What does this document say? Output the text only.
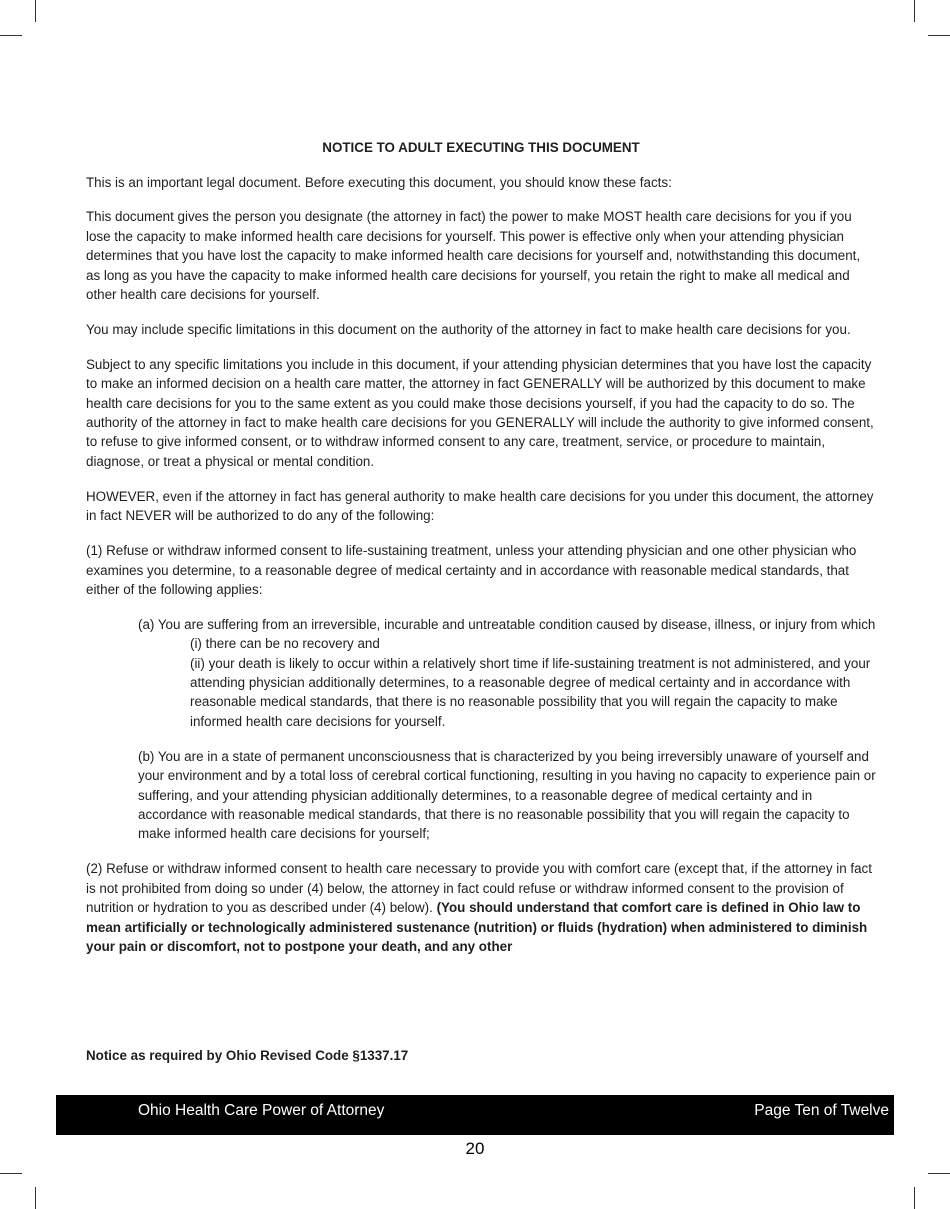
NOTICE TO ADULT EXECUTING THIS DOCUMENT

This is an important legal document. Before executing this document, you should know these facts:

This document gives the person you designate (the attorney in fact) the power to make MOST health care decisions for you if you lose the capacity to make informed health care decisions for yourself. This power is effective only when your attending physician determines that you have lost the capacity to make informed health care decisions for yourself and, notwithstanding this document, as long as you have the capacity to make informed health care decisions for yourself, you retain the right to make all medical and other health care decisions for yourself.

You may include specific limitations in this document on the authority of the attorney in fact to make health care decisions for you.

Subject to any specific limitations you include in this document, if your attending physician determines that you have lost the capacity to make an informed decision on a health care matter, the attorney in fact GENERALLY will be authorized by this document to make health care decisions for you to the same extent as you could make those decisions yourself, if you had the capacity to do so. The authority of the attorney in fact to make health care decisions for you GENERALLY will include the authority to give informed consent, to refuse to give informed consent, or to withdraw informed consent to any care, treatment, service, or procedure to maintain, diagnose, or treat a physical or mental condition.

HOWEVER, even if the attorney in fact has general authority to make health care decisions for you under this document, the attorney in fact NEVER will be authorized to do any of the following:

(1) Refuse or withdraw informed consent to life-sustaining treatment, unless your attending physician and one other physician who examines you determine, to a reasonable degree of medical certainty and in accordance with reasonable medical standards, that either of the following applies:

(a) You are suffering from an irreversible, incurable and untreatable condition caused by disease, illness, or injury from which

(i) there can be no recovery and

(ii) your death is likely to occur within a relatively short time if life-sustaining treatment is not administered, and your attending physician additionally determines, to a reasonable degree of medical certainty and in accordance with reasonable medical standards, that there is no reasonable possibility that you will regain the capacity to make informed health care decisions for yourself.

(b) You are in a state of permanent unconsciousness that is characterized by you being irreversibly unaware of yourself and your environment and by a total loss of cerebral cortical functioning, resulting in you having no capacity to experience pain or suffering, and your attending physician additionally determines, to a reasonable degree of medical certainty and in accordance with reasonable medical standards, that there is no reasonable possibility that you will regain the capacity to make informed health care decisions for yourself;

(2) Refuse or withdraw informed consent to health care necessary to provide you with comfort care (except that, if the attorney in fact is not prohibited from doing so under (4) below, the attorney in fact could refuse or withdraw informed consent to the provision of nutrition or hydration to you as described under (4) below). (You should understand that comfort care is defined in Ohio law to mean artificially or technologically administered sustenance (nutrition) or fluids (hydration) when administered to diminish your pain or discomfort, not to postpone your death, and any other

Notice as required by Ohio Revised Code §1337.17
Ohio Health Care Power of Attorney	Page Ten of Twelve
20
